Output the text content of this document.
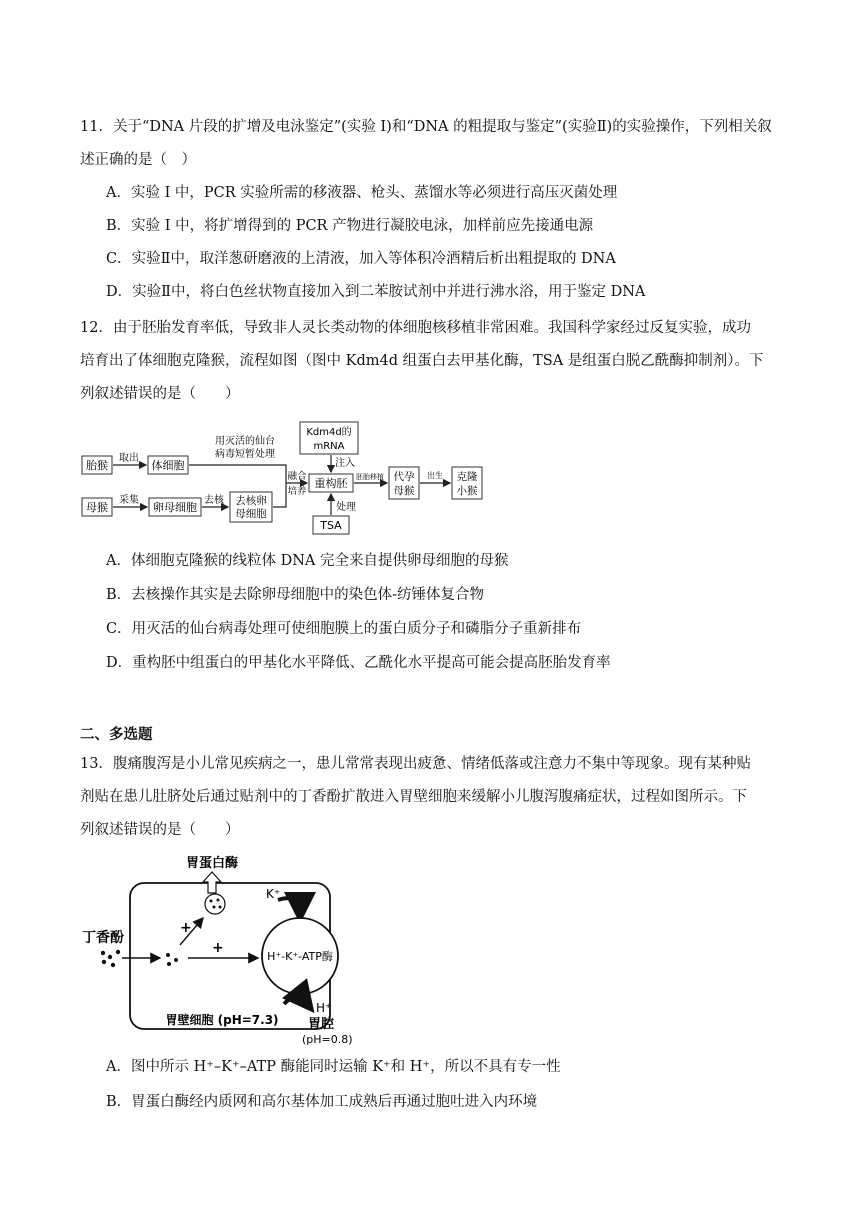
11．关于“DNA 片段的扩增及电泳鉴定”(实验 I)和“DNA 的粗提取与鉴定”(实验Ⅱ)的实验操作，下列相关叙
述正确的是（　）
A．实验 I 中，PCR 实验所需的移液器、枪头、蒸馏水等必须进行高压灭菌处理
B．实验 I 中，将扩增得到的 PCR 产物进行凝胶电泳，加样前应先接通电源
C．实验Ⅱ中，取洋葱研磨液的上清液，加入等体积冷酒精后析出粗提取的 DNA
D．实验Ⅱ中，将白色丝状物直接加入到二苯胺试剂中并进行沸水浴，用于鉴定 DNA
12．由于胚胎发育率低，导致非人灵长类动物的体细胞核移植非常困难。我国科学家经过反复实验，成功
培育出了体细胞克隆猴，流程如图（图中 Kdm4d 组蛋白去甲基化酶，TSA 是组蛋白脱乙酰酶抑制剂）。下
列叙述错误的是（　　）
胎猴	体细胞
母猴	卵母细胞	去核卵
母细胞
Kdm4d的
mRNA
重构胚	代孕
母猴
克隆
小猴
TSA
取出
采集	去核
用灭活的仙台
病毒短暂处理
融合
培养
注入
处理
胚胎移植	出生
A．体细胞克隆猴的线粒体 DNA 完全来自提供卵母细胞的母猴
B．去核操作其实是去除卵母细胞中的染色体-纺锤体复合物
C．用灭活的仙台病毒处理可使细胞膜上的蛋白质分子和磷脂分子重新排布
D．重构胚中组蛋白的甲基化水平降低、乙酰化水平提高可能会提高胚胎发育率
二、多选题
13．腹痛腹泻是小儿常见疾病之一，患儿常常表现出疲惫、情绪低落或注意力不集中等现象。现有某种贴
剂贴在患儿肚脐处后通过贴剂中的丁香酚扩散进入胃壁细胞来缓解小儿腹泻腹痛症状，过程如图所示。下
列叙述错误的是（　　）
胃蛋白酶
K⁺
H⁺-K⁺-ATP酶
H⁺
胃腔
(pH=0.8)
胃壁细胞 (pH=7.3)
丁香酚
+
+
A．图中所示 H⁺–K⁺–ATP 酶能同时运输 K⁺和 H⁺，所以不具有专一性
B．胃蛋白酶经内质网和高尔基体加工成熟后再通过胞吐进入内环境
